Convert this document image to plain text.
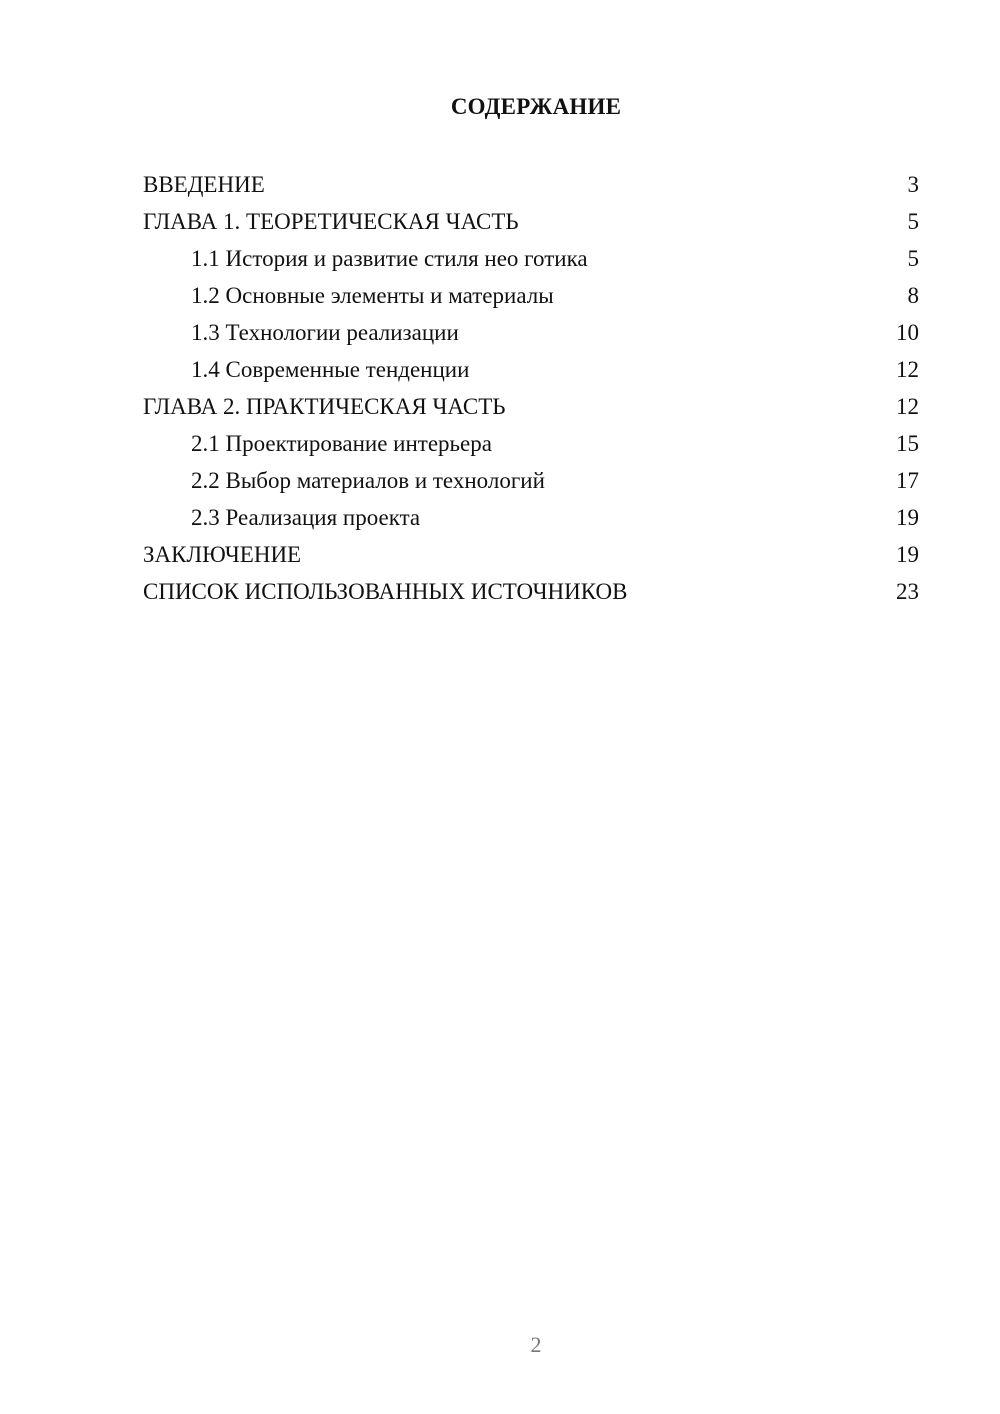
СОДЕРЖАНИЕ
ВВЕДЕНИЕ	3
ГЛАВА 1. ТЕОРЕТИЧЕСКАЯ ЧАСТЬ	5
1.1 История и развитие стиля нео готика	5
1.2 Основные элементы и материалы	8
1.3 Технологии реализации	10
1.4 Современные тенденции	12
ГЛАВА 2. ПРАКТИЧЕСКАЯ ЧАСТЬ	12
2.1 Проектирование интерьера	15
2.2 Выбор материалов и технологий	17
2.3 Реализация проекта	19
ЗАКЛЮЧЕНИЕ	19
СПИСОК ИСПОЛЬЗОВАННЫХ ИСТОЧНИКОВ	23
2
